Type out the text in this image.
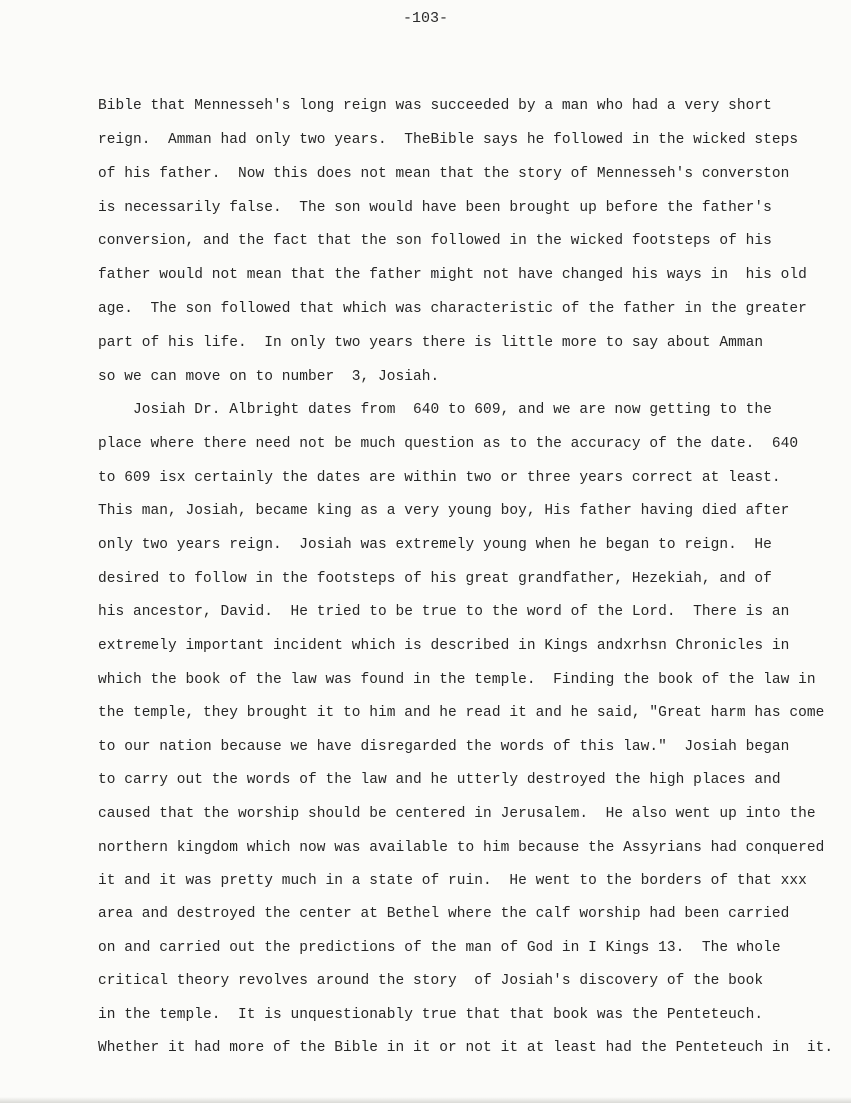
-103-
Bible that Mennesseh's long reign was succeeded by a man who had a very short
reign.  Amman had only two years.  TheBible says he followed in the wicked steps
of his father.  Now this does not mean that the story of Mennesseh's converston
is necessarily false.  The son would have been brought up before the father's
conversion, and the fact that the son followed in the wicked footsteps of his
father would not mean that the father might not have changed his ways in  his old
age.  The son followed that which was characteristic of the father in the greater
part of his life.  In only two years there is little more to say about Amman
so we can move on to number  3, Josiah.
Josiah Dr. Albright dates from  640 to 609, and we are now getting to the
place where there need not be much question as to the accuracy of the date.  640
to 609 isx certainly the dates are within two or three years correct at least.
This man, Josiah, became king as a very young boy, His father having died after
only two years reign.  Josiah was extremely young when he began to reign.  He
desired to follow in the footsteps of his great grandfather, Hezekiah, and of
his ancestor, David.  He tried to be true to the word of the Lord.  There is an
extremely important incident which is described in Kings andxrhsn Chronicles in
which the book of the law was found in the temple.  Finding the book of the law in
the temple, they brought it to him and he read it and he said, "Great harm has come
to our nation because we have disregarded the words of this law."  Josiah began
to carry out the words of the law and he utterly destroyed the high places and
caused that the worship should be centered in Jerusalem.  He also went up into the
northern kingdom which now was available to him because the Assyrians had conquered
it and it was pretty much in a state of ruin.  He went to the borders of that xxx
area and destroyed the center at Bethel where the calf worship had been carried
on and carried out the predictions of the man of God in I Kings 13.  The whole
critical theory revolves around the story  of Josiah's discovery of the book
in the temple.  It is unquestionably true that that book was the Penteteuch.
Whether it had more of the Bible in it or not it at least had the Penteteuch in  it.
